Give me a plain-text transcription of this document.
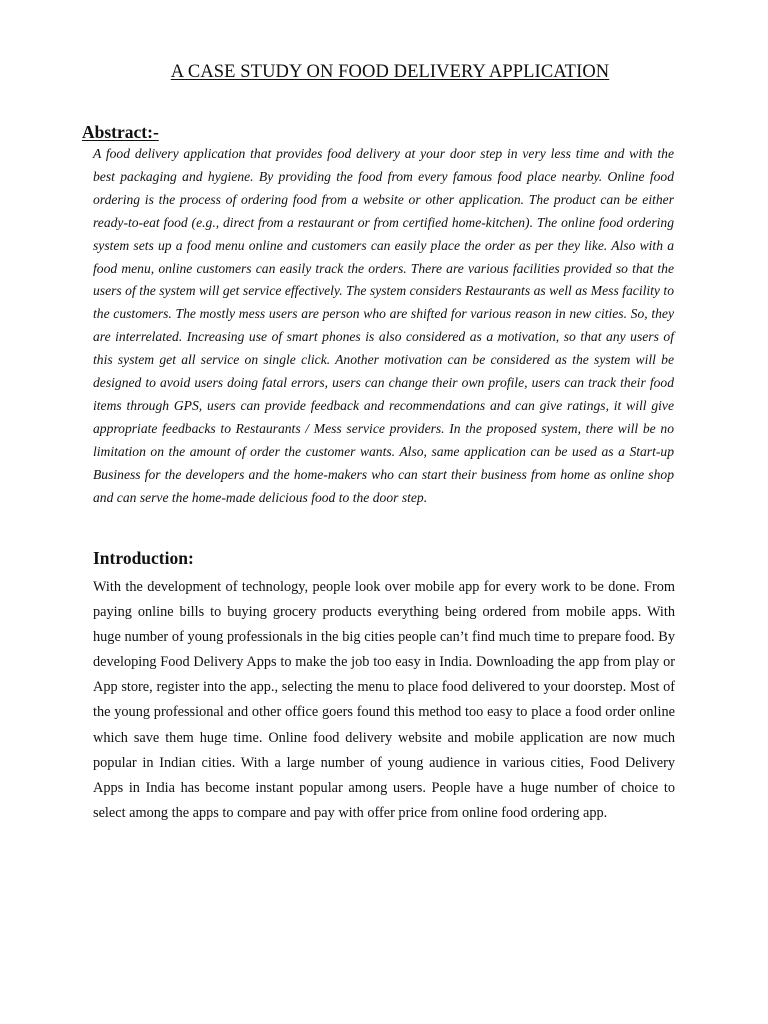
A CASE STUDY ON FOOD DELIVERY APPLICATION
Abstract:-

A food delivery application that provides food delivery at your door step in very less time and with the best packaging and hygiene. By providing the food from every famous food place nearby. Online food ordering is the process of ordering food from a website or other application. The product can be either ready-to-eat food (e.g., direct from a restaurant or from certified home-kitchen). The online food ordering system sets up a food menu online and customers can easily place the order as per they like. Also with a food menu, online customers can easily track the orders. There are various facilities provided so that the users of the system will get service effectively. The system considers Restaurants as well as Mess facility to the customers. The mostly mess users are person who are shifted for various reason in new cities. So, they are interrelated. Increasing use of smart phones is also considered as a motivation, so that any users of this system get all service on single click. Another motivation can be considered as the system will be designed to avoid users doing fatal errors, users can change their own profile, users can track their food items through GPS, users can provide feedback and recommendations and can give ratings, it will give appropriate feedbacks to Restaurants / Mess service providers. In the proposed system, there will be no limitation on the amount of order the customer wants. Also, same application can be used as a Start-up Business for the developers and the home-makers who can start their business from home as online shop and can serve the home-made delicious food to the door step.

Introduction:

With the development of technology, people look over mobile app for every work to be done. From paying online bills to buying grocery products everything being ordered from mobile apps. With huge number of young professionals in the big cities people can’t find much time to prepare food. By developing Food Delivery Apps to make the job too easy in India. Downloading the app from play or App store, register into the app., selecting the menu to place food delivered to your doorstep. Most of the young professional and other office goers found this method too easy to place a food order online which save them huge time. Online food delivery website and mobile application are now much popular in Indian cities. With a large number of young audience in various cities, Food Delivery Apps in India has become instant popular among users. People have a huge number of choice to select among the apps to compare and pay with offer price from online food ordering app.
